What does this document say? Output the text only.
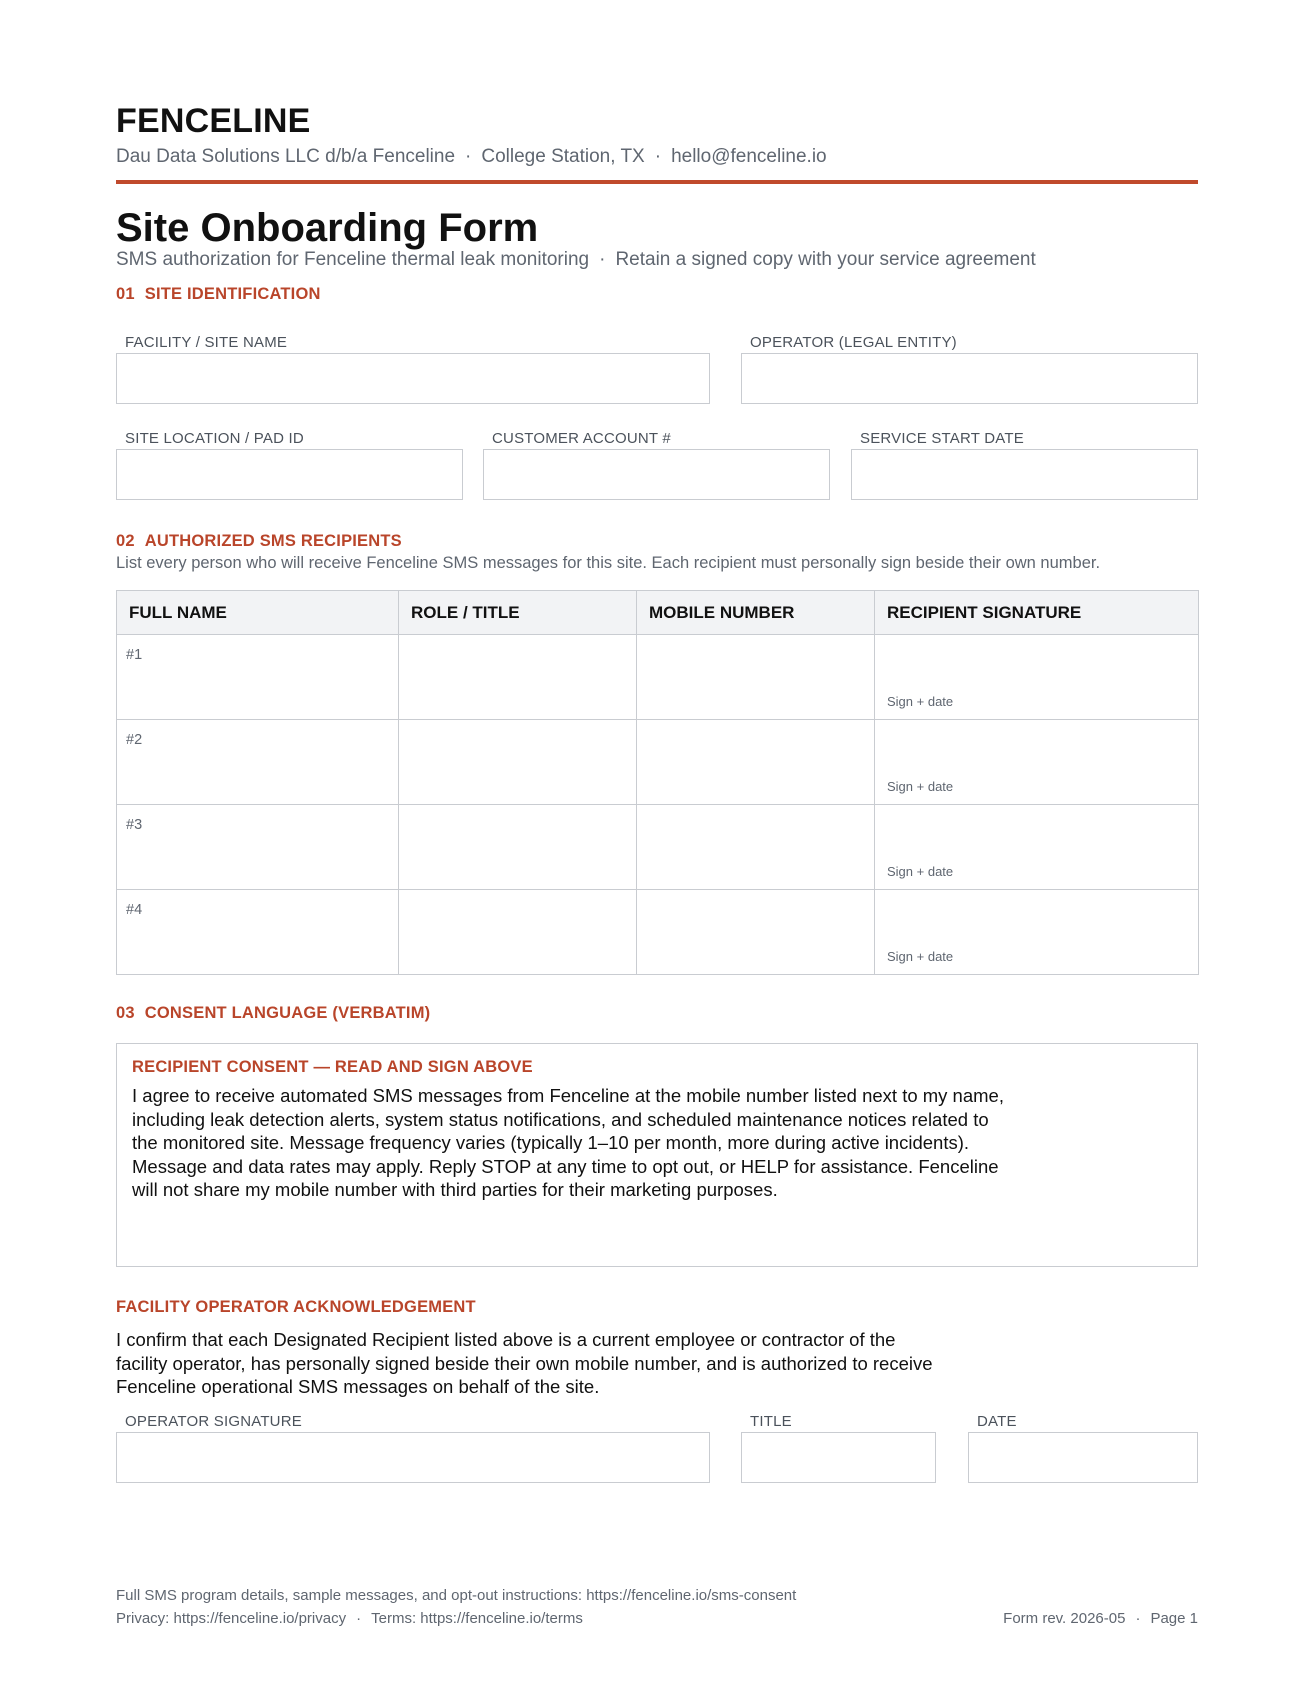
FENCELINE
Dau Data Solutions LLC d/b/a Fenceline · College Station, TX · hello@fenceline.io
Site Onboarding Form
SMS authorization for Fenceline thermal leak monitoring · Retain a signed copy with your service agreement
01 SITE IDENTIFICATION
FACILITY / SITE NAME	OPERATOR (LEGAL ENTITY)
SITE LOCATION / PAD ID	CUSTOMER ACCOUNT #	SERVICE START DATE
02 AUTHORIZED SMS RECIPIENTS
List every person who will receive Fenceline SMS messages for this site. Each recipient must personally sign beside their own number.
FULL NAME	ROLE / TITLE	MOBILE NUMBER	RECIPIENT SIGNATURE

#1			Sign + date

#2			Sign + date

#3			Sign + date

#4			Sign + date
03 CONSENT LANGUAGE (VERBATIM)
RECIPIENT CONSENT — READ AND SIGN ABOVE
I agree to receive automated SMS messages from Fenceline at the mobile number listed next to my name, including leak detection alerts, system status notifications, and scheduled maintenance notices related to the monitored site. Message frequency varies (typically 1–10 per month, more during active incidents). Message and data rates may apply. Reply STOP at any time to opt out, or HELP for assistance. Fenceline will not share my mobile number with third parties for their marketing purposes.
FACILITY OPERATOR ACKNOWLEDGEMENT
I confirm that each Designated Recipient listed above is a current employee or contractor of the facility operator, has personally signed beside their own mobile number, and is authorized to receive Fenceline operational SMS messages on behalf of the site.
OPERATOR SIGNATURE	TITLE	DATE
Full SMS program details, sample messages, and opt-out instructions: https://fenceline.io/sms-consent
Privacy: https://fenceline.io/privacy · Terms: https://fenceline.io/terms	Form rev. 2026-05 · Page 1
